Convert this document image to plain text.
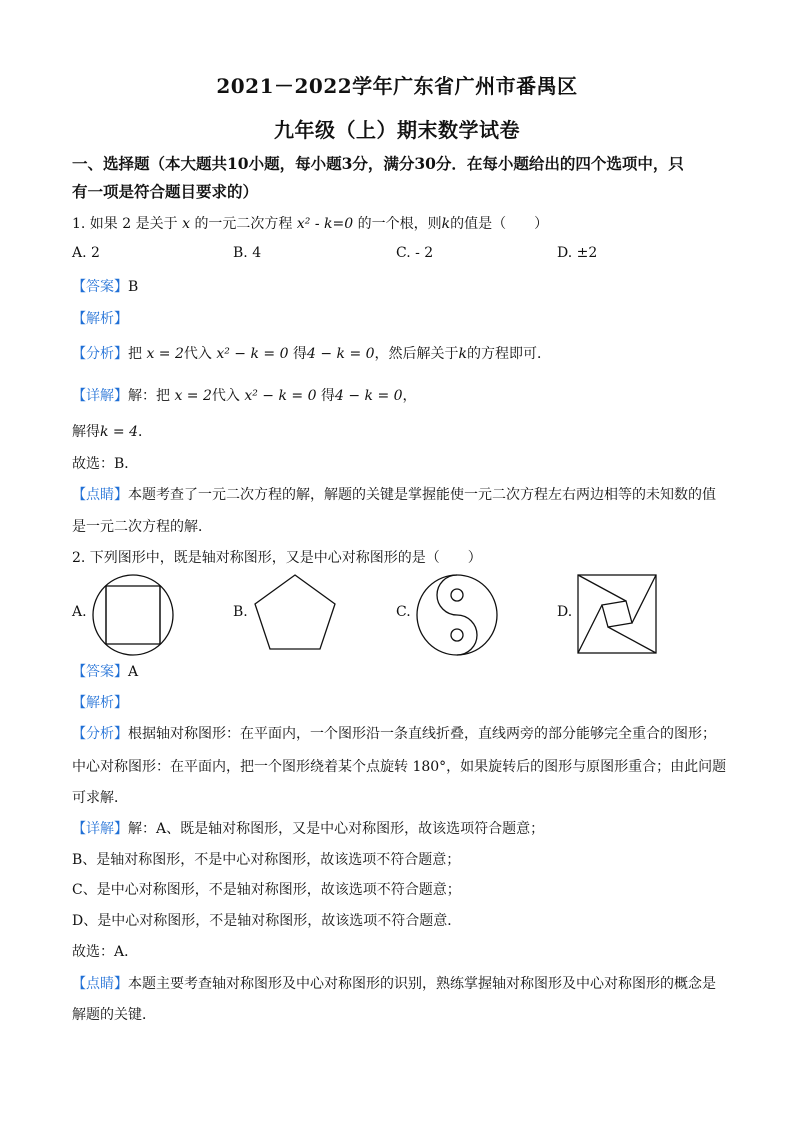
2021－2022学年广东省广州市番禺区
九年级（上）期末数学试卷
一、选择题（本大题共10小题，每小题3分，满分30分．在每小题给出的四个选项中，只
有一项是符合题目要求的）
1. 如果 2 是关于 x 的一元二次方程 x² - k=0 的一个根，则k的值是（　　）
A. 2	B. 4	C. - 2	D. ±2
【答案】B
【解析】
【分析】把 x = 2代入 x² − k = 0 得4 − k = 0，然后解关于k的方程即可．
【详解】解：把 x = 2代入 x² − k = 0 得4 − k = 0，
解得k = 4．
故选：B．
【点睛】本题考查了一元二次方程的解，解题的关键是掌握能使一元二次方程左右两边相等的未知数的值
是一元二次方程的解．
2. 下列图形中，既是轴对称图形，又是中心对称图形的是（　　）
A.	B.	C.	D.
【答案】A
【解析】
【分析】根据轴对称图形：在平面内，一个图形沿一条直线折叠，直线两旁的部分能够完全重合的图形；
中心对称图形：在平面内，把一个图形绕着某个点旋转 180°，如果旋转后的图形与原图形重合；由此问题
可求解．
【详解】解：A、既是轴对称图形，又是中心对称图形，故该选项符合题意；
B、是轴对称图形，不是中心对称图形，故该选项不符合题意；
C、是中心对称图形，不是轴对称图形，故该选项不符合题意；
D、是中心对称图形，不是轴对称图形，故该选项不符合题意．
故选：A．
【点睛】本题主要考查轴对称图形及中心对称图形的识别，熟练掌握轴对称图形及中心对称图形的概念是
解题的关键．
